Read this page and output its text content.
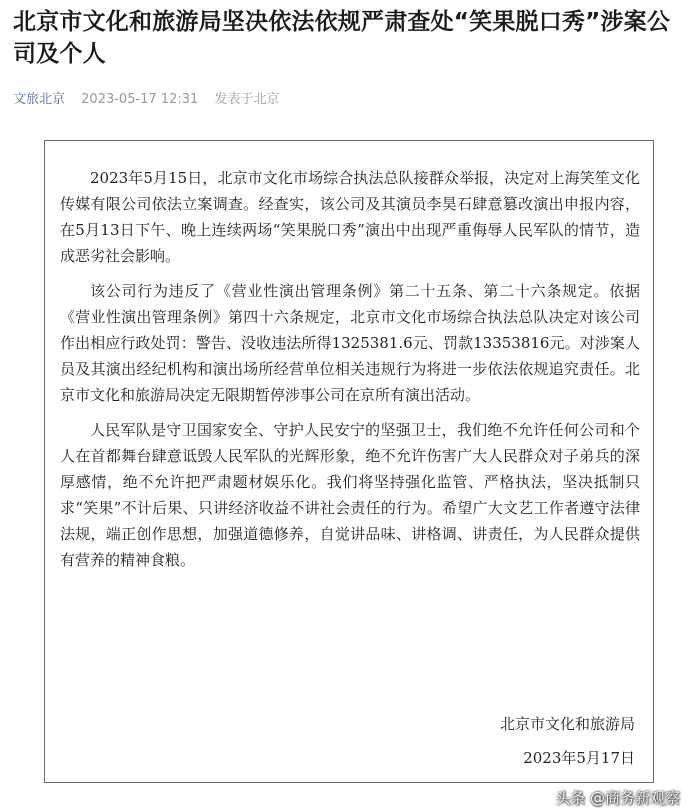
北京市文化和旅游局坚决依法依规严肃查处“笑果脱口秀”涉案公司及个人
文旅北京 2023-05-17 12:31 发表于北京

2023年5月15日，北京市文化市场综合执法总队接群众举报，决定对上海笑笙文化传媒有限公司依法立案调查。经查实，该公司及其演员李昊石肆意篡改演出申报内容，在5月13日下午、晚上连续两场“笑果脱口秀”演出中出现严重侮辱人民军队的情节，造成恶劣社会影响。

该公司行为违反了《营业性演出管理条例》第二十五条、第二十六条规定。依据《营业性演出管理条例》第四十六条规定，北京市文化市场综合执法总队决定对该公司作出相应行政处罚：警告、没收违法所得1325381.6元、罚款13353816元。对涉案人员及其演出经纪机构和演出场所经营单位相关违规行为将进一步依法依规追究责任。北京市文化和旅游局决定无限期暂停涉事公司在京所有演出活动。

人民军队是守卫国家安全、守护人民安宁的坚强卫士，我们绝不允许任何公司和个人在首都舞台肆意诋毁人民军队的光辉形象，绝不允许伤害广大人民群众对子弟兵的深厚感情，绝不允许把严肃题材娱乐化。我们将坚持强化监管、严格执法，坚决抵制只求“笑果”不计后果、只讲经济收益不讲社会责任的行为。希望广大文艺工作者遵守法律法规，端正创作思想，加强道德修养，自觉讲品味、讲格调、讲责任，为人民群众提供有营养的精神食粮。

北京市文化和旅游局
2023年5月17日
头条 @商务新观察
